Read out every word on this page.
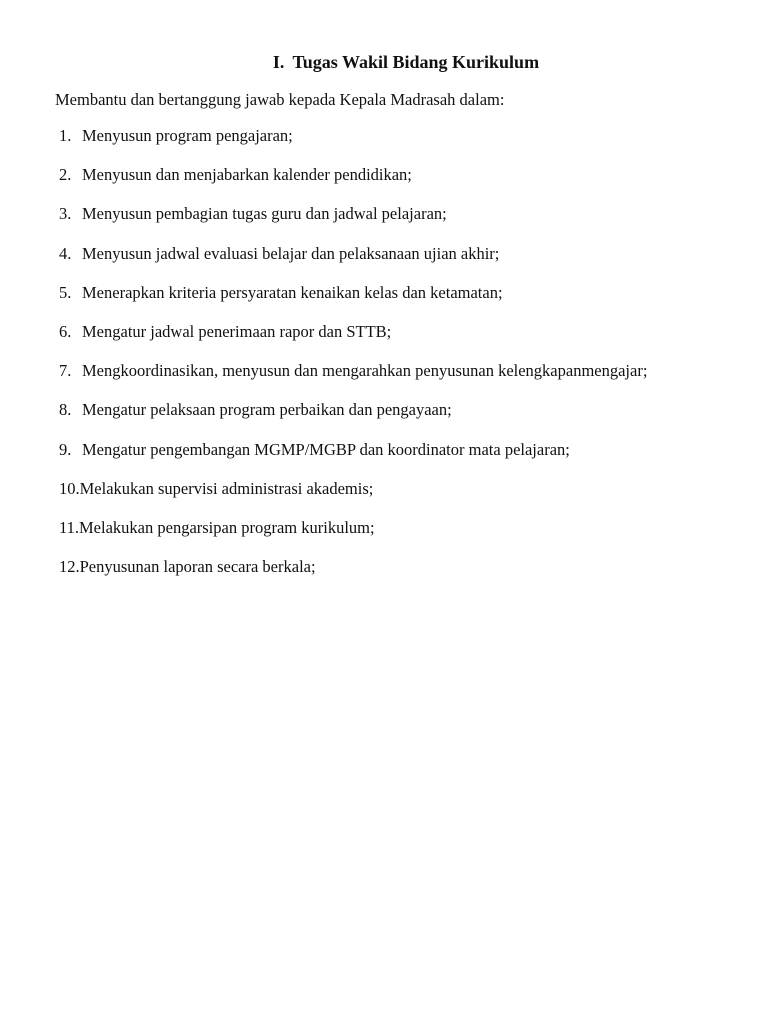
I. Tugas Wakil Bidang Kurikulum
Membantu dan bertanggung jawab kepada Kepala Madrasah dalam:
1. Menyusun program pengajaran;
2. Menyusun dan menjabarkan kalender pendidikan;
3. Menyusun pembagian tugas guru dan jadwal pelajaran;
4. Menyusun jadwal evaluasi belajar dan pelaksanaan ujian akhir;
5. Menerapkan kriteria persyaratan kenaikan kelas dan ketamatan;
6. Mengatur jadwal penerimaan rapor dan STTB;
7. Mengkoordinasikan, menyusun dan mengarahkan penyusunan kelengkapanmengajar;
8. Mengatur pelaksaan program perbaikan dan pengayaan;
9. Mengatur pengembangan MGMP/MGBP dan koordinator mata pelajaran;
10.Melakukan supervisi administrasi akademis;
11.Melakukan pengarsipan program kurikulum;
12.Penyusunan laporan secara berkala;
